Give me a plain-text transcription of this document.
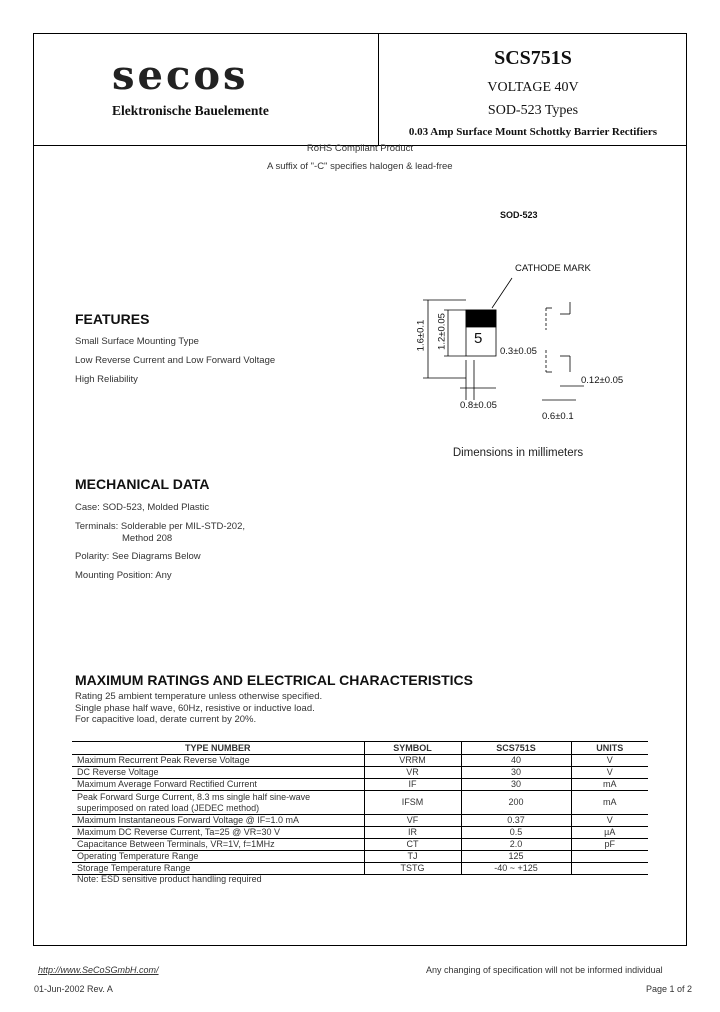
secos
Elektronische Bauelemente
SCS751S
VOLTAGE 40V
SOD-523 Types
0.03 Amp Surface Mount Schottky Barrier Rectifiers
RoHS Compliant Product
A suffix of "-C" specifies halogen & lead-free
SOD-523
CATHODE MARK
5
1.6±0.1 1.2±0.05
0.8±0.05
0.3±0.05
0.12±0.05
0.6±0.1
Dimensions in millimeters
FEATURES
Small Surface Mounting Type
Low Reverse Current and Low Forward Voltage
High Reliability
MECHANICAL DATA
Case: SOD-523, Molded Plastic
Terminals: Solderable per MIL-STD-202,
Method 208
Polarity: See Diagrams Below
Mounting Position: Any
MAXIMUM RATINGS AND ELECTRICAL CHARACTERISTICS
Rating 25 ambient temperature unless otherwise specified.
Single phase half wave, 60Hz, resistive or inductive load.
For capacitive load, derate current by 20%.
TYPE NUMBER	SYMBOL	SCS751S	UNITS
Maximum Recurrent Peak Reverse Voltage	VRRM	40	V
DC Reverse Voltage	VR	30	V
Maximum Average Forward Rectified Current	IF	30	mA

Peak Forward Surge Current, 8.3 ms single half sine-wave
superimposed on rated load (JEDEC method)	IFSM	200	mA
Maximum Instantaneous Forward Voltage @ IF=1.0 mA	VF	0.37	V
Maximum DC Reverse Current, Ta=25 @ VR=30 V	IR	0.5	µA
Capacitance Between Terminals, VR=1V, f=1MHz	CT	2.0	pF
Operating Temperature Range	TJ	125	
Storage Temperature Range	TSTG	-40 ~ +125	
Note: ESD sensitive product handling required
http://www.SeCoSGmbH.com/	Any changing of specification will not be informed individual
01-Jun-2002 Rev. A	Page 1 of 2
